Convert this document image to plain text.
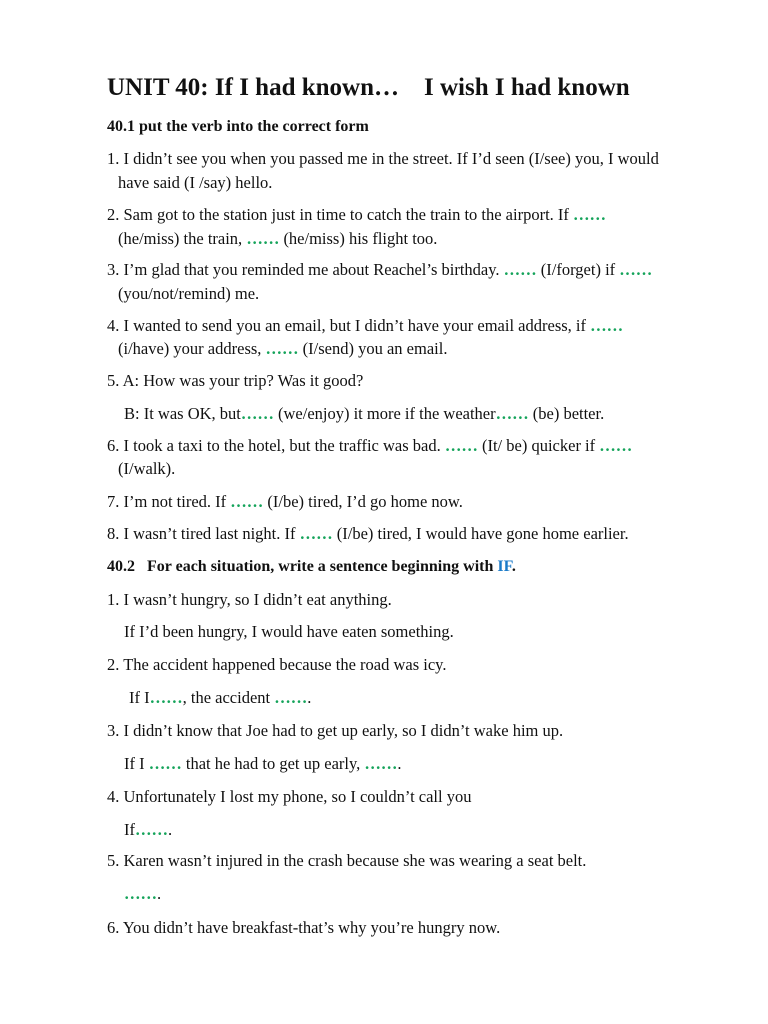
UNIT 40: If I had known…    I wish I had known
40.1 put the verb into the correct form
1. I didn’t see you when you passed me in the street. If I’d seen (I/see) you, I would
have said (I /say) hello.
2. Sam got to the station just in time to catch the train to the airport. If ……
(he/miss) the train, …… (he/miss) his flight too.
3. I’m glad that you reminded me about Reachel’s birthday. …… (I/forget) if ……
(you/not/remind) me.
4. I wanted to send you an email, but I didn’t have your email address, if ……
(i/have) your address, …… (I/send) you an email.
5. A: How was your trip? Was it good?
B: It was OK, but…… (we/enjoy) it more if the weather…… (be) better.
6. I took a taxi to the hotel, but the traffic was bad. …… (It/ be) quicker if ……
(I/walk).
7. I’m not tired. If …… (I/be) tired, I’d go home now.
8. I wasn’t tired last night. If …… (I/be) tired, I would have gone home earlier.
40.2   For each situation, write a sentence beginning with IF.
1. I wasn’t hungry, so I didn’t eat anything.
If I’d been hungry, I would have eaten something.
2. The accident happened because the road was icy.
If I……, the accident …….
3. I didn’t know that Joe had to get up early, so I didn’t wake him up.
If I …… that he had to get up early, …….
4. Unfortunately I lost my phone, so I couldn’t call you
If…….
5. Karen wasn’t injured in the crash because she was wearing a seat belt.
…….
6. You didn’t have breakfast-that’s why you’re hungry now.
